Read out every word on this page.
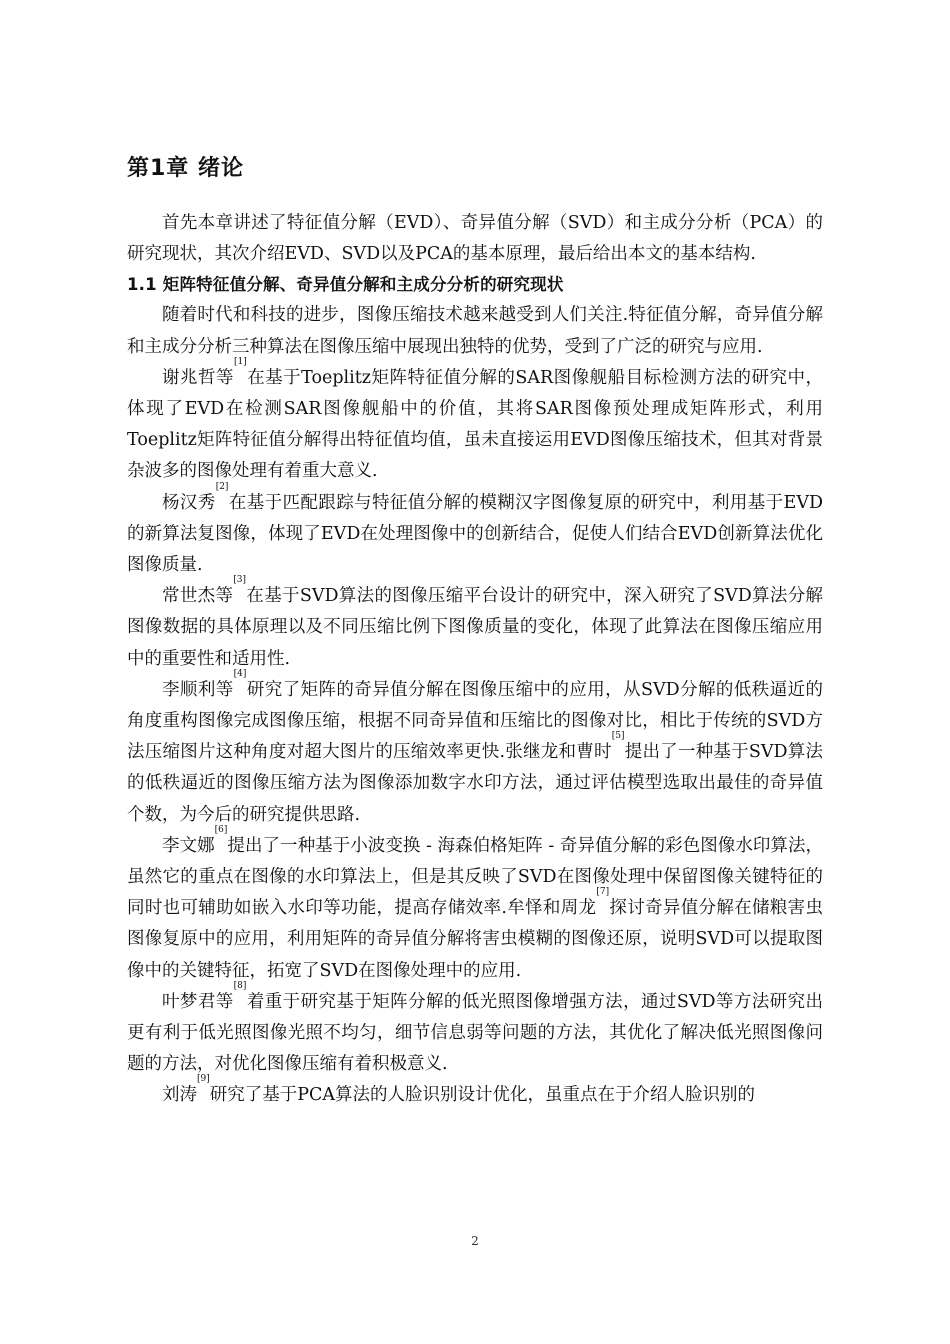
第1章 绪论

首先本章讲述了特征值分解（EVD）、奇异值分解（SVD）和主成分分析（PCA）的研究现状，其次介绍EVD、SVD以及PCA的基本原理，最后给出本文的基本结构.

1.1 矩阵特征值分解、奇异值分解和主成分分析的研究现状

随着时代和科技的进步，图像压缩技术越来越受到人们关注.特征值分解，奇异值分解和主成分分析三种算法在图像压缩中展现出独特的优势，受到了广泛的研究与应用.

谢兆哲等[1]在基于Toeplitz矩阵特征值分解的SAR图像舰船目标检测方法的研究中，体现了EVD在检测SAR图像舰船中的价值，其将SAR图像预处理成矩阵形式，利用Toeplitz矩阵特征值分解得出特征值均值，虽未直接运用EVD图像压缩技术，但其对背景杂波多的图像处理有着重大意义.

杨汉秀[2]在基于匹配跟踪与特征值分解的模糊汉字图像复原的研究中，利用基于EVD的新算法复图像，体现了EVD在处理图像中的创新结合，促使人们结合EVD创新算法优化图像质量.

常世杰等[3]在基于SVD算法的图像压缩平台设计的研究中，深入研究了SVD算法分解图像数据的具体原理以及不同压缩比例下图像质量的变化，体现了此算法在图像压缩应用中的重要性和适用性.

李顺利等[4]研究了矩阵的奇异值分解在图像压缩中的应用，从SVD分解的低秩逼近的角度重构图像完成图像压缩，根据不同奇异值和压缩比的图像对比，相比于传统的SVD方法压缩图片这种角度对超大图片的压缩效率更快.张继龙和曹时[5]提出了一种基于SVD算法的低秩逼近的图像压缩方法为图像添加数字水印方法，通过评估模型选取出最佳的奇异值个数，为今后的研究提供思路.

李文娜[6]提出了一种基于小波变换 - 海森伯格矩阵 - 奇异值分解的彩色图像水印算法，虽然它的重点在图像的水印算法上，但是其反映了SVD在图像处理中保留图像关键特征的同时也可辅助如嵌入水印等功能，提高存储效率.牟怿和周龙[7]探讨奇异值分解在储粮害虫图像复原中的应用，利用矩阵的奇异值分解将害虫模糊的图像还原，说明SVD可以提取图像中的关键特征，拓宽了SVD在图像处理中的应用.

叶梦君等[8]着重于研究基于矩阵分解的低光照图像增强方法，通过SVD等方法研究出更有利于低光照图像光照不均匀，细节信息弱等问题的方法，其优化了解决低光照图像问题的方法，对优化图像压缩有着积极意义.

刘涛[9]研究了基于PCA算法的人脸识别设计优化，虽重点在于介绍人脸识别的

2
